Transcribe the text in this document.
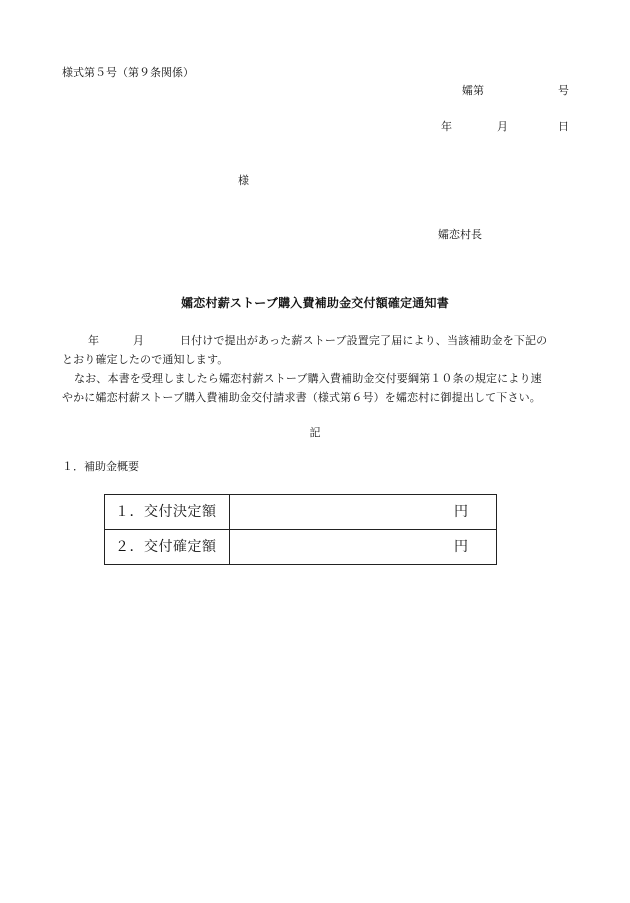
様式第５号（第９条関係）
孀第	号
年	月	日
様
孀恋村長
孀恋村薪ストーブ購入費補助金交付額確定通知書
年	月	日付けで提出があった薪ストーブ設置完了届により、当該補助金を下記の
とおり確定したので通知します。
なお、本書を受理しましたら孀恋村薪ストーブ購入費補助金交付要綱第１０条の規定により速
やかに孀恋村薪ストーブ購入費補助金交付請求書（様式第６号）を孀恋村に御提出して下さい。
記
１．補助金概要
１．交付決定額	円
２．交付確定額	円
